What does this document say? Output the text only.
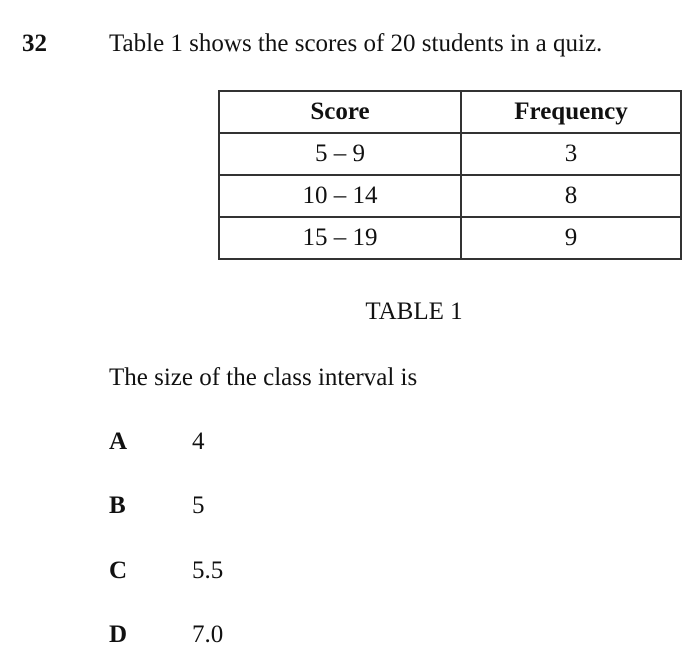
32 Table 1 shows the scores of 20 students in a quiz.
Score	Frequency
5 – 9	3
10 – 14	8
15 – 19	9
TABLE 1
The size of the class interval is
A	4
B	5
C	5.5
D	7.0
